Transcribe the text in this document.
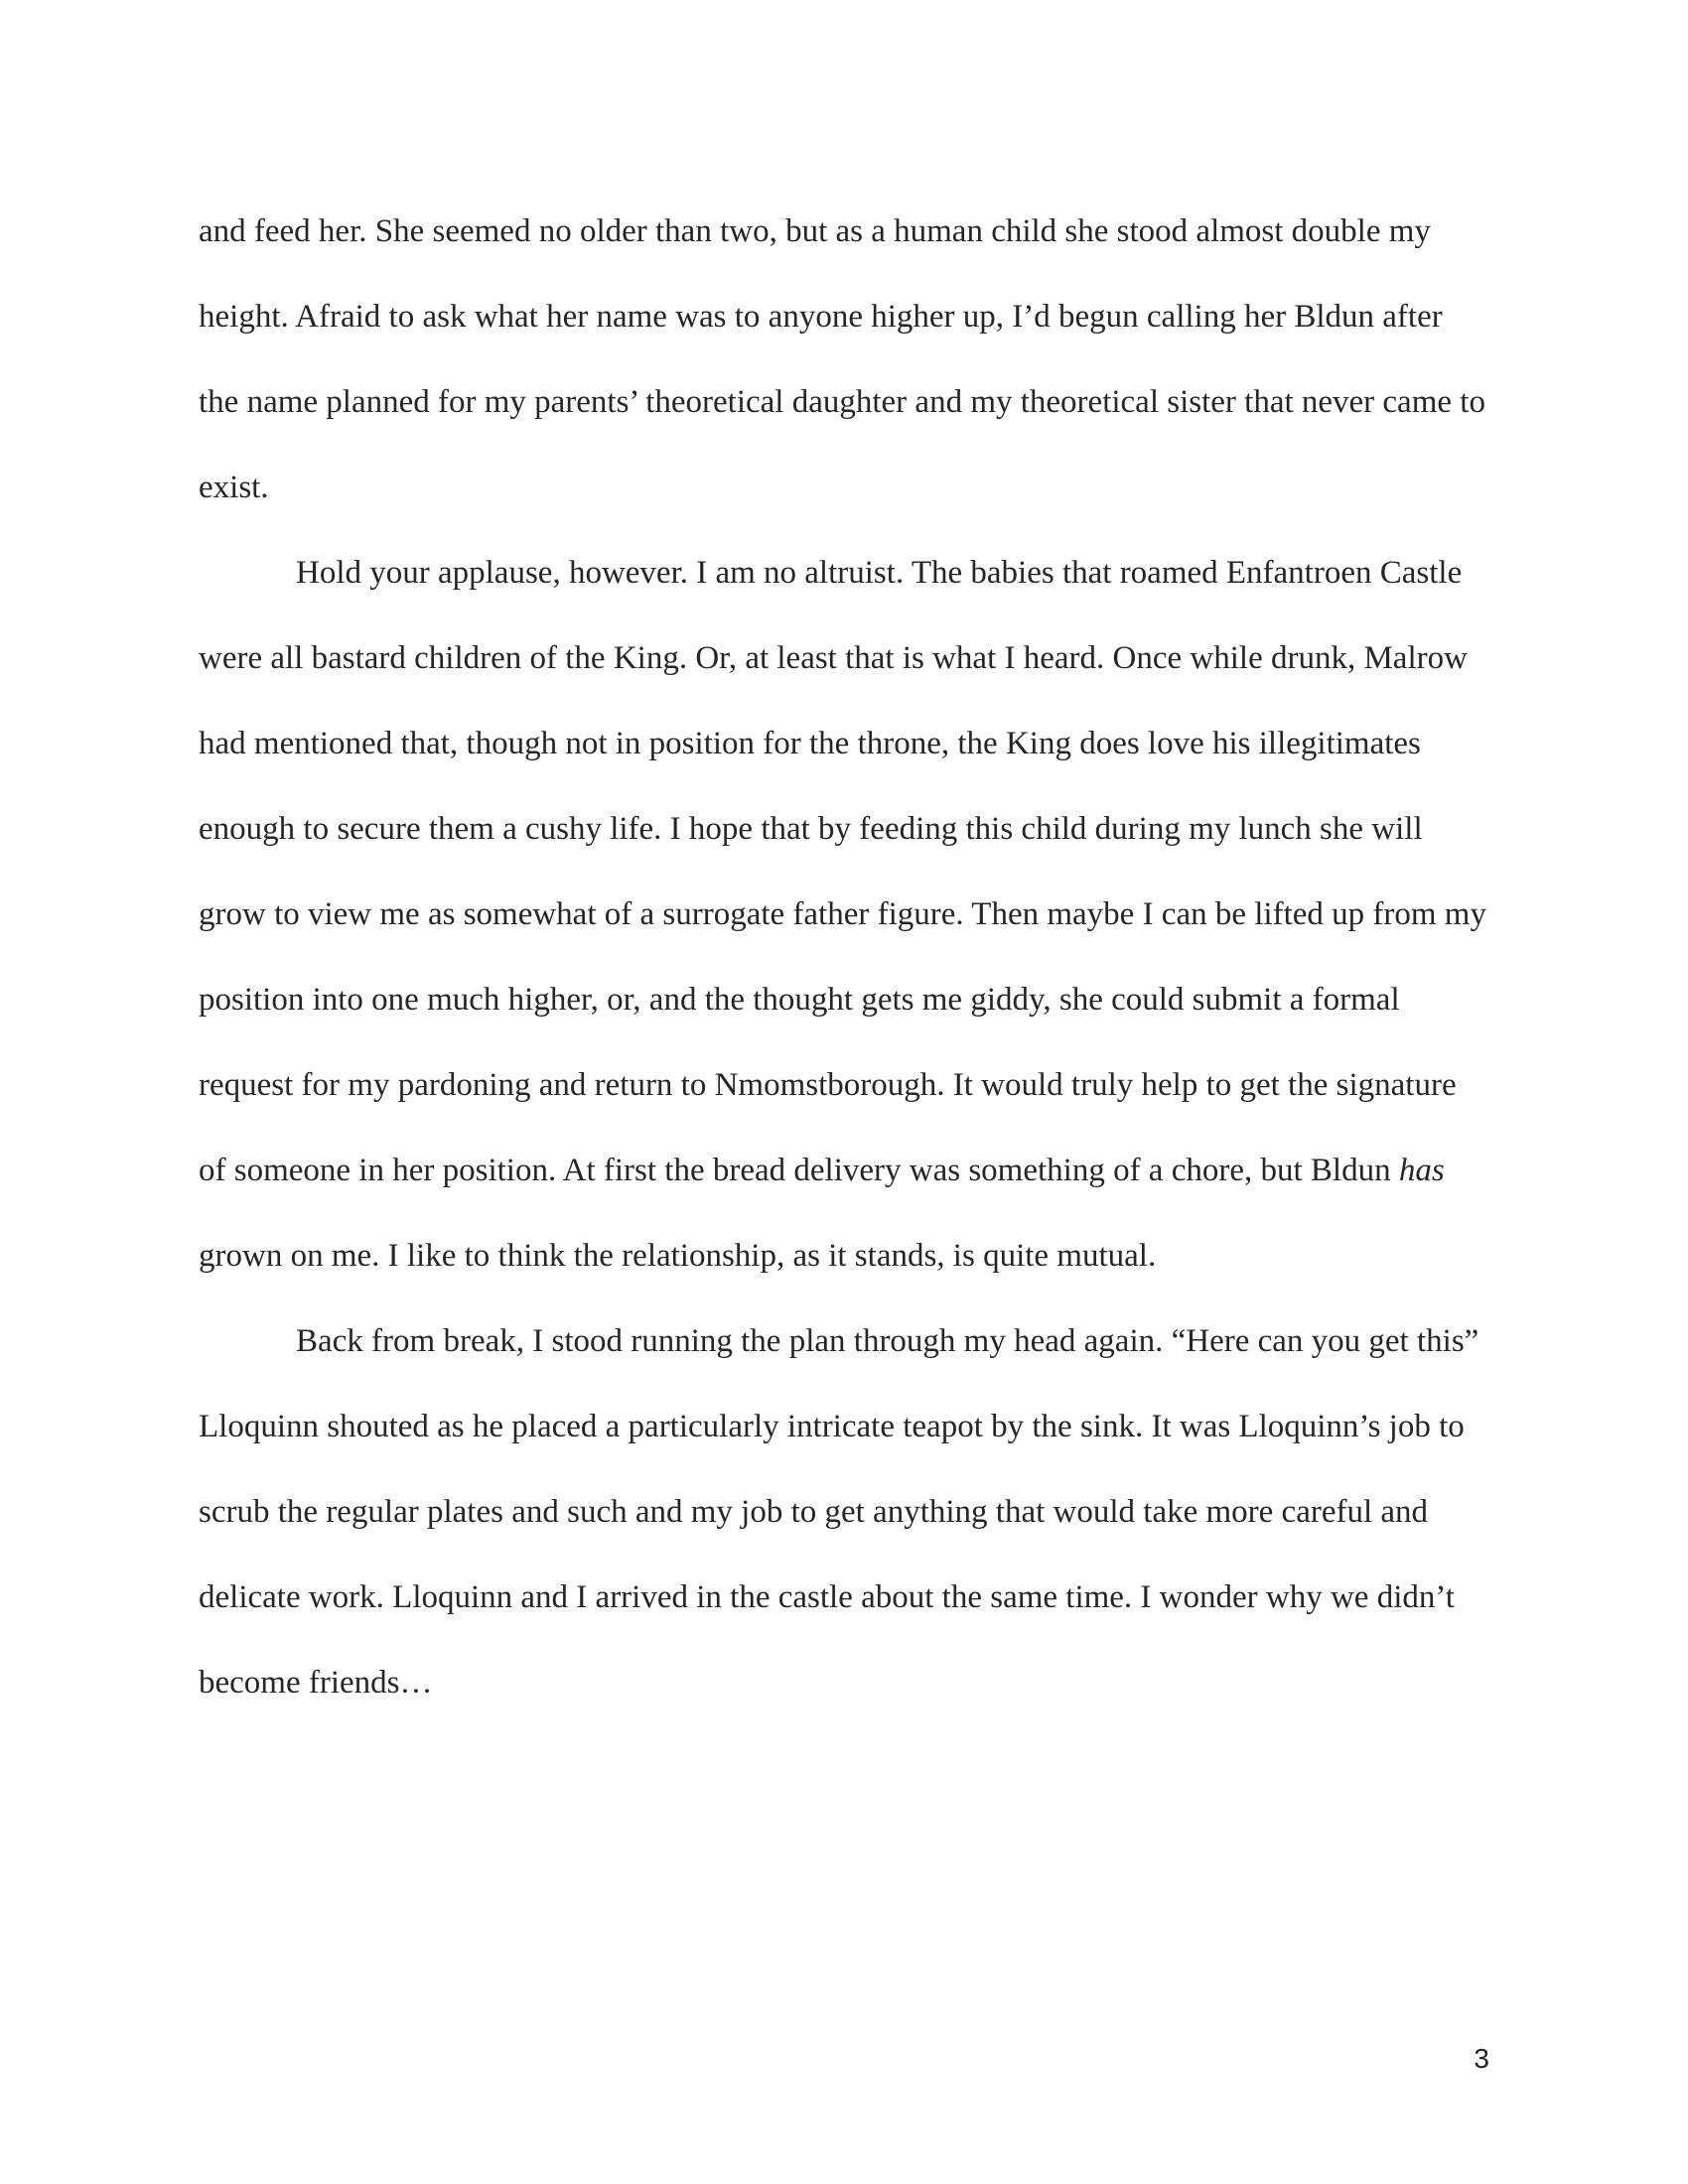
and feed her. She seemed no older than two, but as a human child she stood almost double my height. Afraid to ask what her name was to anyone higher up, I’d begun calling her Bldun after the name planned for my parents’ theoretical daughter and my theoretical sister that never came to exist.

Hold your applause, however. I am no altruist. The babies that roamed Enfantroen Castle were all bastard children of the King. Or, at least that is what I heard. Once while drunk, Malrow had mentioned that, though not in position for the throne, the King does love his illegitimates enough to secure them a cushy life. I hope that by feeding this child during my lunch she will grow to view me as somewhat of a surrogate father figure. Then maybe I can be lifted up from my position into one much higher, or, and the thought gets me giddy, she could submit a formal request for my pardoning and return to Nmomstborough. It would truly help to get the signature of someone in her position. At first the bread delivery was something of a chore, but Bldun has grown on me. I like to think the relationship, as it stands, is quite mutual.

Back from break, I stood running the plan through my head again. “Here can you get this” Lloquinn shouted as he placed a particularly intricate teapot by the sink. It was Lloquinn’s job to scrub the regular plates and such and my job to get anything that would take more careful and delicate work. Lloquinn and I arrived in the castle about the same time. I wonder why we didn’t become friends…

3
